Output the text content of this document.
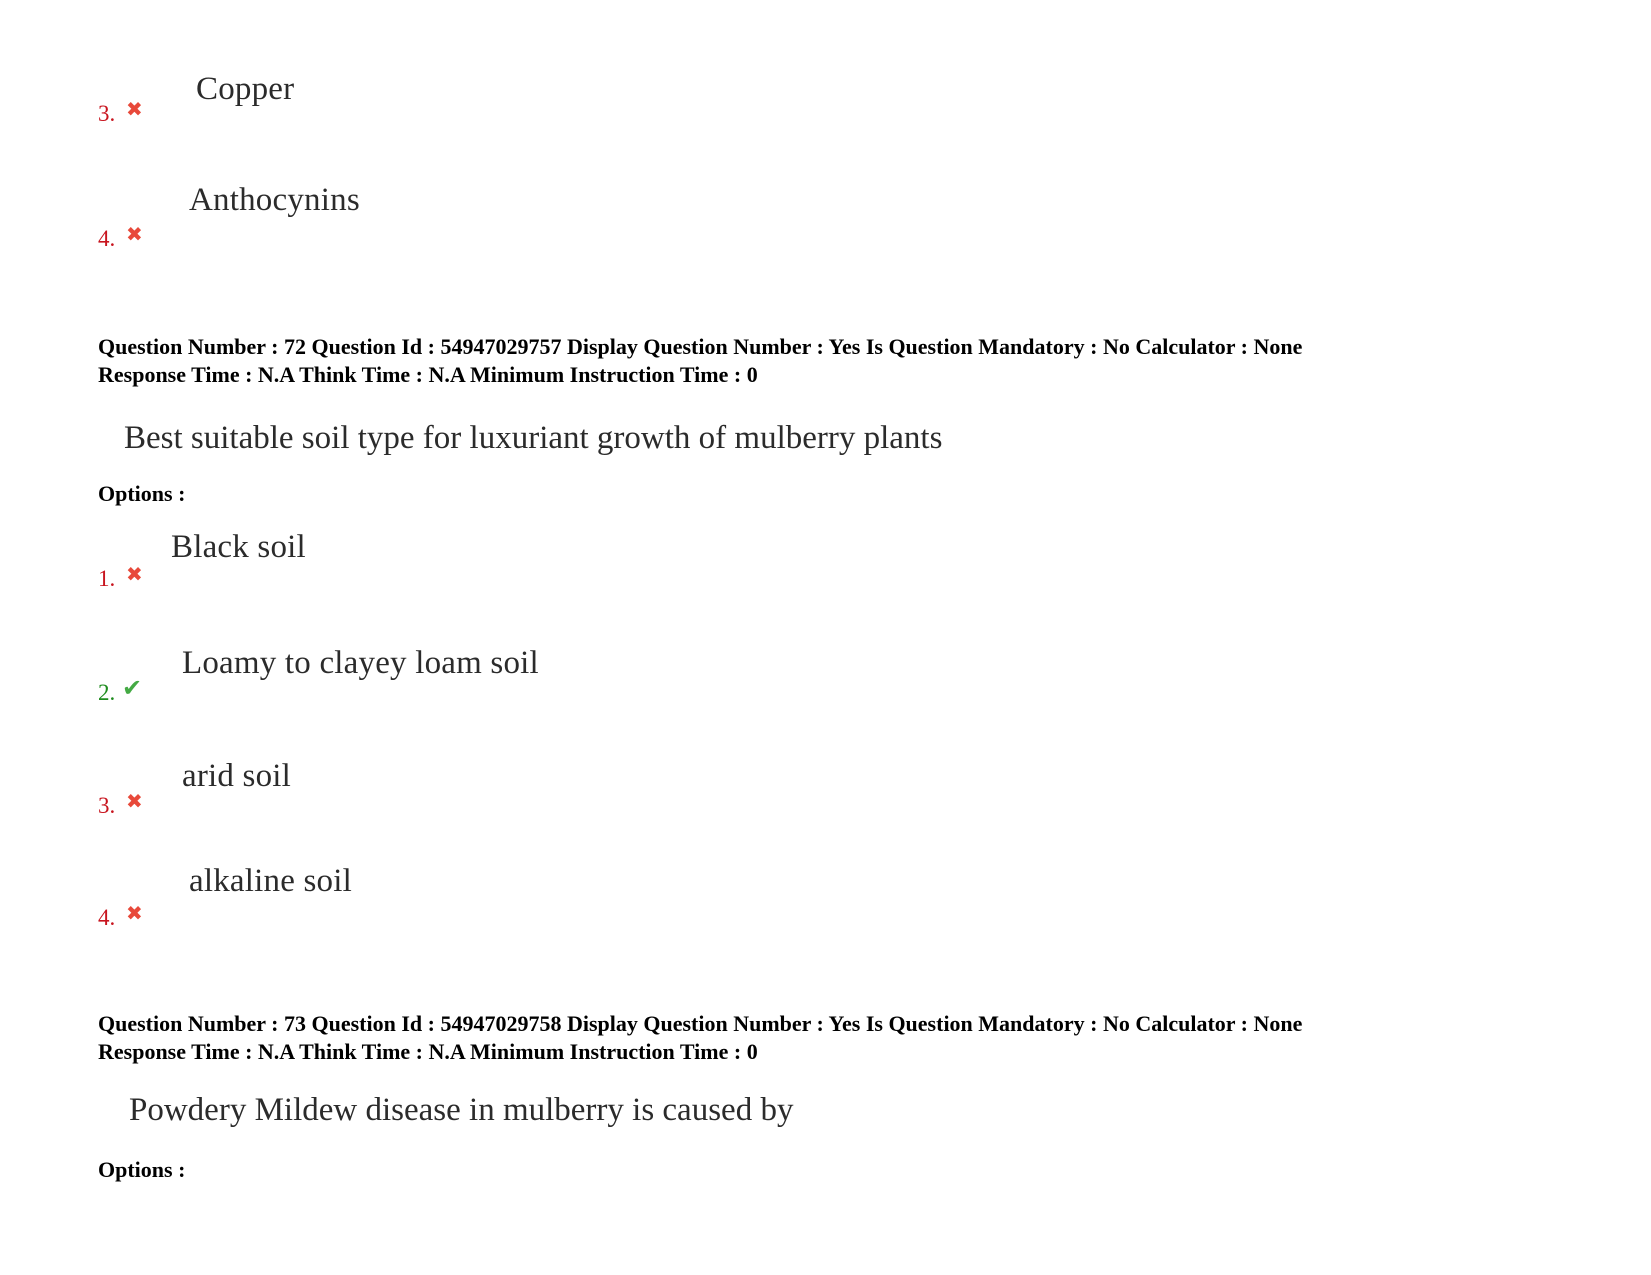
3. ✖
Copper
4. ✖
Anthocynins
Question Number : 72 Question Id : 54947029757 Display Question Number : Yes Is Question Mandatory : No Calculator : None
Response Time : N.A Think Time : N.A Minimum Instruction Time : 0
Best suitable soil type for luxuriant growth of mulberry plants
Options :
1. ✖
Black soil
2. ✔
Loamy to clayey loam soil
3. ✖
arid soil
4. ✖
alkaline soil
Question Number : 73 Question Id : 54947029758 Display Question Number : Yes Is Question Mandatory : No Calculator : None
Response Time : N.A Think Time : N.A Minimum Instruction Time : 0
Powdery Mildew disease in mulberry is caused by
Options :
